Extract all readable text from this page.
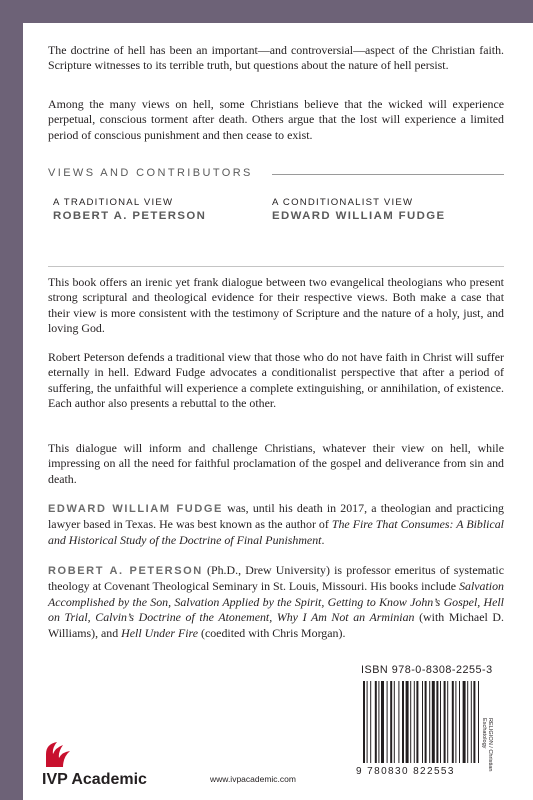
The doctrine of hell has been an important—and controversial—aspect of the Christian faith. Scripture witnesses to its terrible truth, but questions about the nature of hell persist.

Among the many views on hell, some Christians believe that the wicked will experience perpetual, conscious torment after death. Others argue that the lost will experience a limited period of conscious punishment and then cease to exist.

VIEWS AND CONTRIBUTORS
A TRADITIONAL VIEW
ROBERT A. PETERSON
A CONDITIONALIST VIEW
EDWARD WILLIAM FUDGE

This book offers an irenic yet frank dialogue between two evangelical theologians who present strong scriptural and theological evidence for their respective views. Both make a case that their view is more consistent with the testimony of Scripture and the nature of a holy, just, and loving God.

Robert Peterson defends a traditional view that those who do not have faith in Christ will suffer eternally in hell. Edward Fudge advocates a conditionalist perspective that after a period of suffering, the unfaithful will experience a complete extinguishing, or annihilation, of existence. Each author also presents a rebuttal to the other.

This dialogue will inform and challenge Christians, whatever their view on hell, while impressing on all the need for faithful proclamation of the gospel and deliverance from sin and death.

EDWARD WILLIAM FUDGE was, until his death in 2017, a theologian and practicing lawyer based in Texas. He was best known as the author of The Fire That Consumes: A Biblical and Historical Study of the Doctrine of Final Punishment.

ROBERT A. PETERSON (Ph.D., Drew University) is professor emeritus of systematic theology at Covenant Theological Seminary in St. Louis, Missouri. His books include Salvation Accomplished by the Son, Salvation Applied by the Spirit, Getting to Know John’s Gospel, Hell on Trial, Calvin’s Doctrine of the Atonement, Why I Am Not an Arminian (with Michael D. Williams), and Hell Under Fire (coedited with Chris Morgan).

ISBN 978-0-8308-2255-3
RELIGION / Christian
Eschatology
9 780830 822553
IVP Academic	www.ivpacademic.com
